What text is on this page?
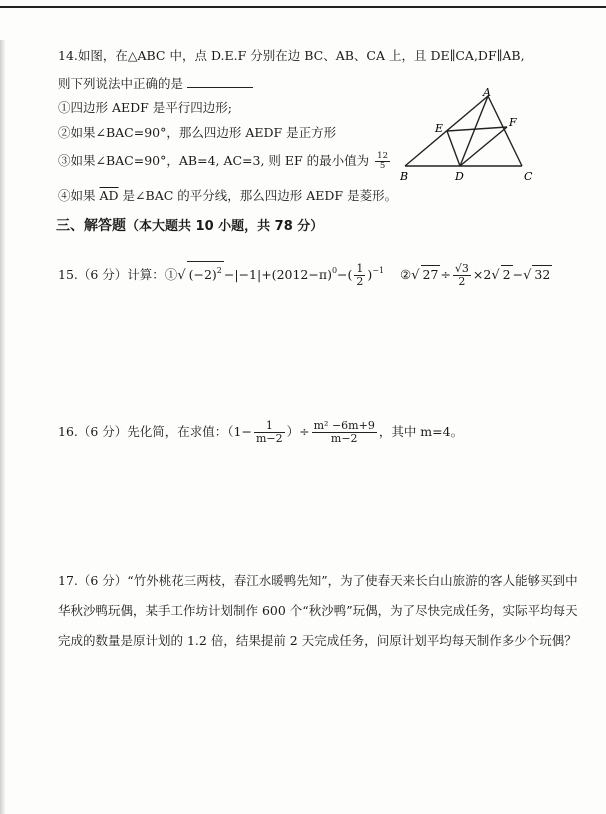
14.如图，在△ABC 中，点 D.E.F 分别在边 BC、AB、CA 上，且 DE∥CA,DF∥AB,
则下列说法中正确的是
①四边形 AEDF 是平行四边形;
②如果∠BAC=90°，那么四边形 AEDF 是正方形
③如果∠BAC=90°，AB=4, AC=3, 则 EF 的最小值为 $\frac{12}{5}$
④如果 $\overline{AD}$ 是∠BAC 的平分线，那么四边形 AEDF 是菱形。
A
B	C
D
E	F
三、解答题（本大题共 10 小题，共 78 分）
15.（6 分）计算：①√ $(-2)^2 -|-1|+(2012-\pi)^0-( \frac{1}{2} )^{-1}$ ②√ $27 \div \frac{√3}{2} \times 2√$ 2 −√ 32
16.（6 分）先化简，在求值：（$1- \frac{1}{m-2}$ ）÷ $\frac{\text{m² −6m+9}}{m-2}$ ，其中 m=4。
17.（6 分）“竹外桃花三两枝，春江水暖鸭先知”，为了使春天来长白山旅游的客人能够买到中华秋沙鸭玩偶，某手工作坊计划制作 600 个“秋沙鸭”玩偶，为了尽快完成任务，实际平均每天完成的数量是原计划的 1.2 倍，结果提前 2 天完成任务，问原计划平均每天制作多少个玩偶？
